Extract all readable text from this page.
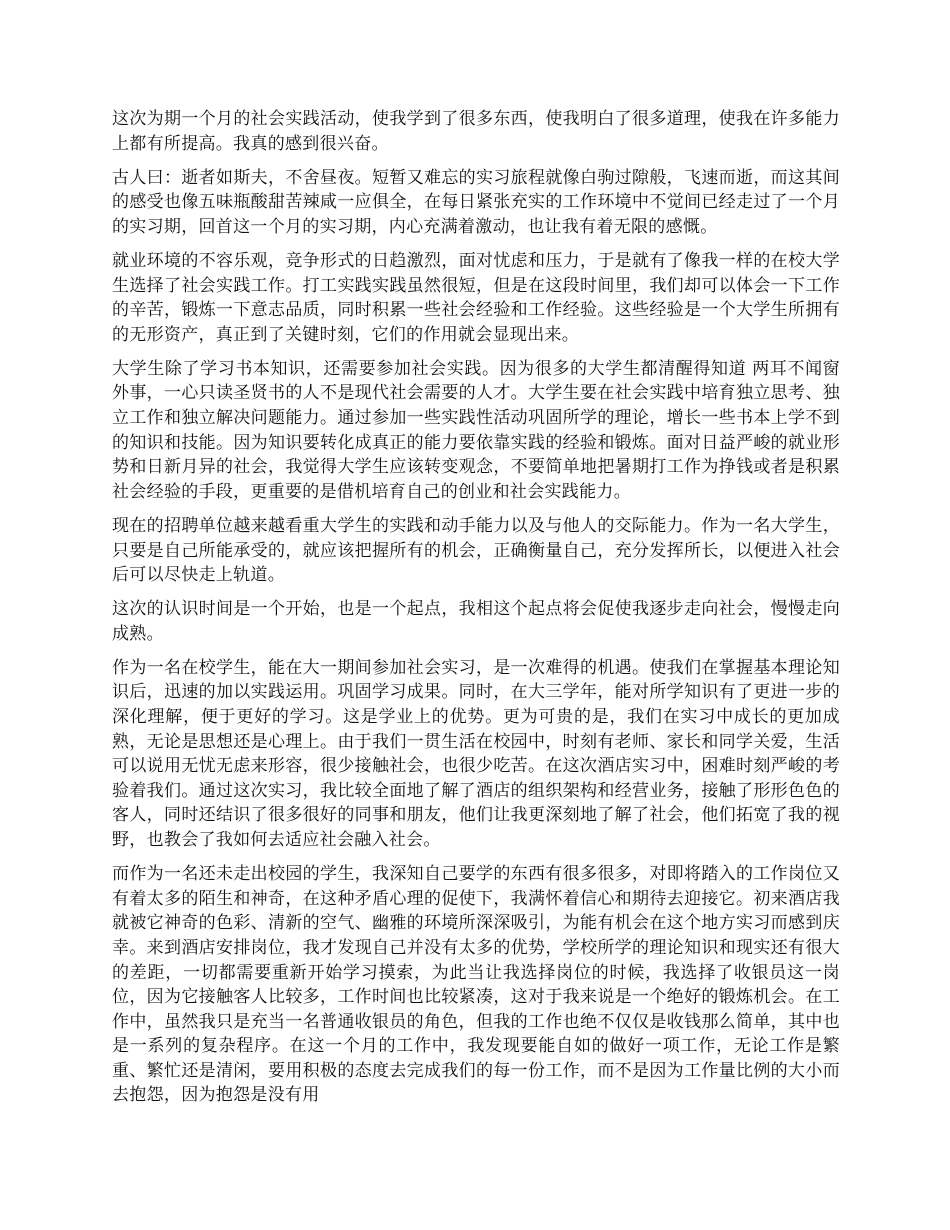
这次为期一个月的社会实践活动，使我学到了很多东西，使我明白了很多道理，使我在许多能力上都有所提高。我真的感到很兴奋。

古人曰：逝者如斯夫，不舍昼夜。短暂又难忘的实习旅程就像白驹过隙般，飞速而逝，而这其间的感受也像五味瓶酸甜苦辣咸一应俱全，在每日紧张充实的工作环境中不觉间已经走过了一个月的实习期，回首这一个月的实习期，内心充满着激动，也让我有着无限的感慨。

就业环境的不容乐观，竞争形式的日趋激烈，面对忧虑和压力，于是就有了像我一样的在校大学生选择了社会实践工作。打工实践实践虽然很短，但是在这段时间里，我们却可以体会一下工作的辛苦，锻炼一下意志品质，同时积累一些社会经验和工作经验。这些经验是一个大学生所拥有的无形资产，真正到了关键时刻，它们的作用就会显现出来。

大学生除了学习书本知识，还需要参加社会实践。因为很多的大学生都清醒得知道 两耳不闻窗外事，一心只读圣贤书的人不是现代社会需要的人才。大学生要在社会实践中培育独立思考、独立工作和独立解决问题能力。通过参加一些实践性活动巩固所学的理论，增长一些书本上学不到的知识和技能。因为知识要转化成真正的能力要依靠实践的经验和锻炼。面对日益严峻的就业形势和日新月异的社会，我觉得大学生应该转变观念，不要简单地把暑期打工作为挣钱或者是积累社会经验的手段，更重要的是借机培育自己的创业和社会实践能力。

现在的招聘单位越来越看重大学生的实践和动手能力以及与他人的交际能力。作为一名大学生，只要是自己所能承受的，就应该把握所有的机会，正确衡量自己，充分发挥所长，以便进入社会后可以尽快走上轨道。

这次的认识时间是一个开始，也是一个起点，我相这个起点将会促使我逐步走向社会，慢慢走向成熟。

作为一名在校学生，能在大一期间参加社会实习，是一次难得的机遇。使我们在掌握基本理论知识后，迅速的加以实践运用。巩固学习成果。同时，在大三学年，能对所学知识有了更进一步的深化理解，便于更好的学习。这是学业上的优势。更为可贵的是，我们在实习中成长的更加成熟，无论是思想还是心理上。由于我们一贯生活在校园中，时刻有老师、家长和同学关爱，生活可以说用无忧无虑来形容，很少接触社会，也很少吃苦。在这次酒店实习中，困难时刻严峻的考验着我们。通过这次实习，我比较全面地了解了酒店的组织架构和经营业务，接触了形形色色的客人，同时还结识了很多很好的同事和朋友，他们让我更深刻地了解了社会，他们拓宽了我的视野，也教会了我如何去适应社会融入社会。

而作为一名还未走出校园的学生，我深知自己要学的东西有很多很多，对即将踏入的工作岗位又有着太多的陌生和神奇，在这种矛盾心理的促使下，我满怀着信心和期待去迎接它。初来酒店我就被它神奇的色彩、清新的空气、幽雅的环境所深深吸引，为能有机会在这个地方实习而感到庆幸。来到酒店安排岗位，我才发现自己并没有太多的优势，学校所学的理论知识和现实还有很大的差距，一切都需要重新开始学习摸索，为此当让我选择岗位的时候，我选择了收银员这一岗位，因为它接触客人比较多，工作时间也比较紧凑，这对于我来说是一个绝好的锻炼机会。在工作中，虽然我只是充当一名普通收银员的角色，但我的工作也绝不仅仅是收钱那么简单，其中也是一系列的复杂程序。在这一个月的工作中，我发现要能自如的做好一项工作，无论工作是繁重、繁忙还是清闲，要用积极的态度去完成我们的每一份工作，而不是因为工作量比例的大小而去抱怨，因为抱怨是没有用
